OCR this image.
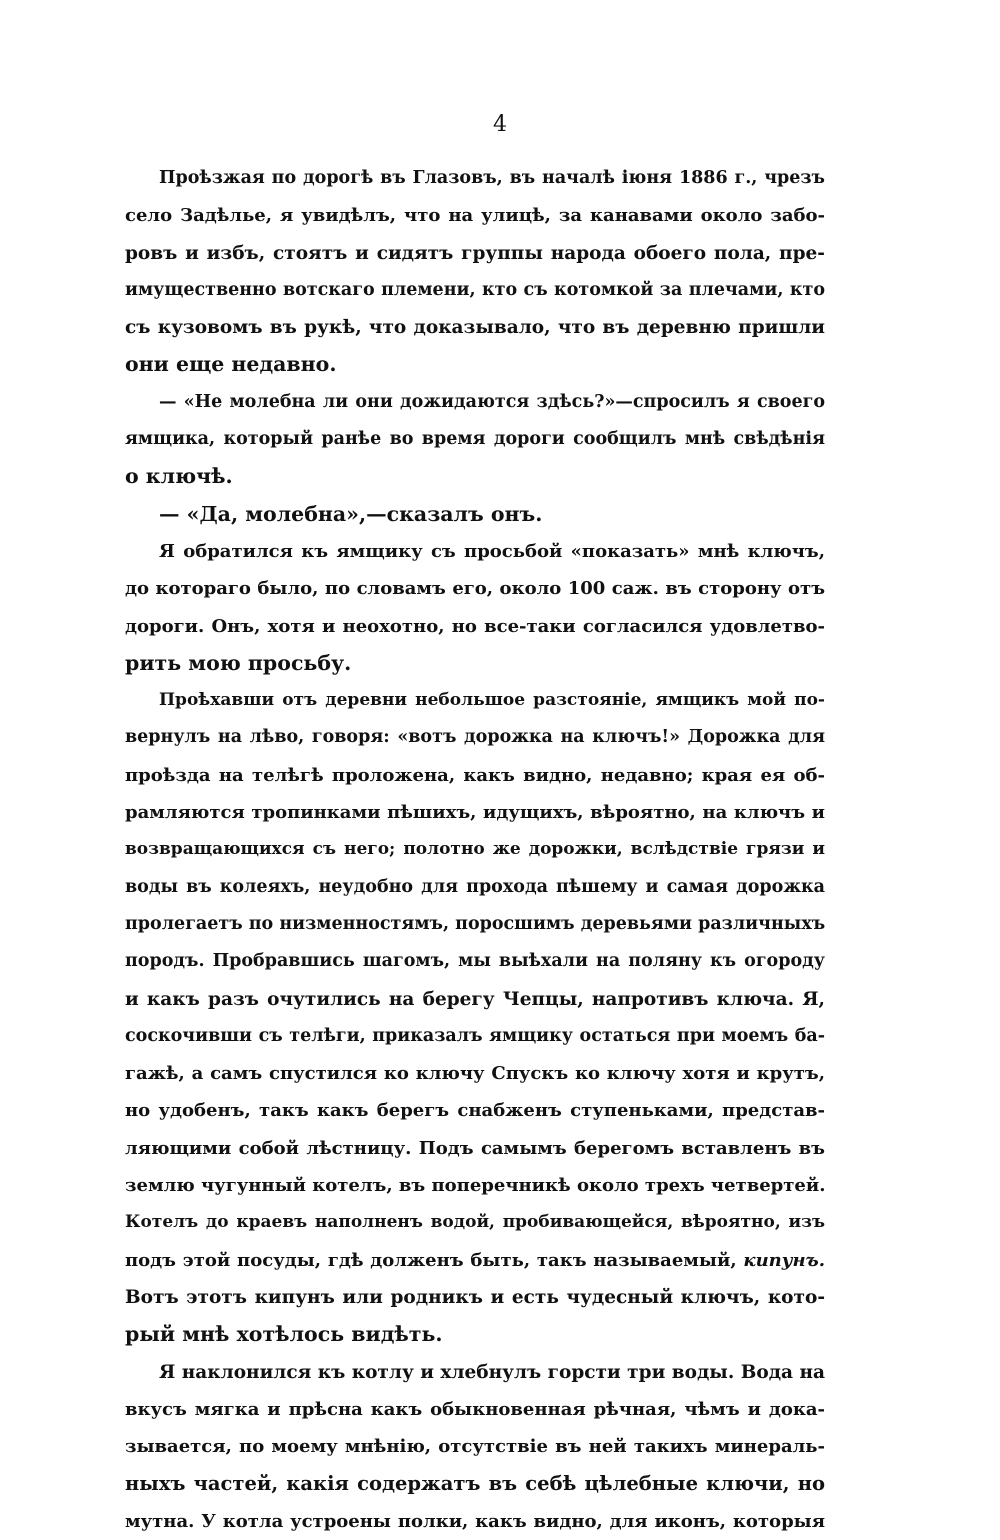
4
Проѣзжая по дорогѣ въ Глазовъ, въ началѣ іюня 1886 г., чрезъ
село Задѣлье, я увидѣлъ, что на улицѣ, за канавами около забо-
ровъ и избъ, стоятъ и сидятъ группы народа обоего пола, пре-
имущественно вотскаго племени, кто съ котомкой за плечами, кто
съ кузовомъ въ рукѣ, что доказывало, что въ деревню пришли
они еще недавно.
— «Не молебна ли они дожидаются здѣсь?»—спросилъ я своего
ямщика, который ранѣе во время дороги сообщилъ мнѣ свѣдѣнія
о ключѣ.
— «Да, молебна»,—сказалъ онъ.
Я обратился къ ямщику съ просьбой «показать» мнѣ ключъ,
до котораго было, по словамъ его, около 100 саж. въ сторону отъ
дороги. Онъ, хотя и неохотно, но все-таки согласился удовлетво-
рить мою просьбу.
Проѣхавши отъ деревни небольшое разстояніе, ямщикъ мой по-
вернулъ на лѣво, говоря: «вотъ дорожка на ключъ!» Дорожка для
проѣзда на телѣгѣ проложена, какъ видно, недавно; края ея об-
рамляются тропинками пѣшихъ, идущихъ, вѣроятно, на ключъ и
возвращающихся съ него; полотно же дорожки, вслѣдствіе грязи и
воды въ колеяхъ, неудобно для прохода пѣшему и самая дорожка
пролегаетъ по низменностямъ, поросшимъ деревьями различныхъ
породъ. Пробравшись шагомъ, мы выѣхали на поляну къ огороду
и какъ разъ очутились на берегу Чепцы, напротивъ ключа. Я,
соскочивши съ телѣги, приказалъ ямщику остаться при моемъ ба-
гажѣ, а самъ спустился ко ключу Спускъ ко ключу хотя и крутъ,
но удобенъ, такъ какъ берегъ снабженъ ступеньками, представ-
ляющими собой лѣстницу. Подъ самымъ берегомъ вставленъ въ
землю чугунный котелъ, въ поперечникѣ около трехъ четвертей.
Котелъ до краевъ наполненъ водой, пробивающейся, вѣроятно, изъ
подъ этой посуды, гдѣ долженъ быть, такъ называемый, кипунъ.
Вотъ этотъ кипунъ или родникъ и есть чудесный ключъ, кото-
рый мнѣ хотѣлось видѣть.
Я наклонился къ котлу и хлебнулъ горсти три воды. Вода на
вкусъ мягка и прѣсна какъ обыкновенная рѣчная, чѣмъ и дока-
зывается, по моему мнѣнію, отсутствіе въ ней такихъ минераль-
ныхъ частей, какія содержатъ въ себѣ цѣлебные ключи, но
мутна. У котла устроены полки, какъ видно, для иконъ, которыя
